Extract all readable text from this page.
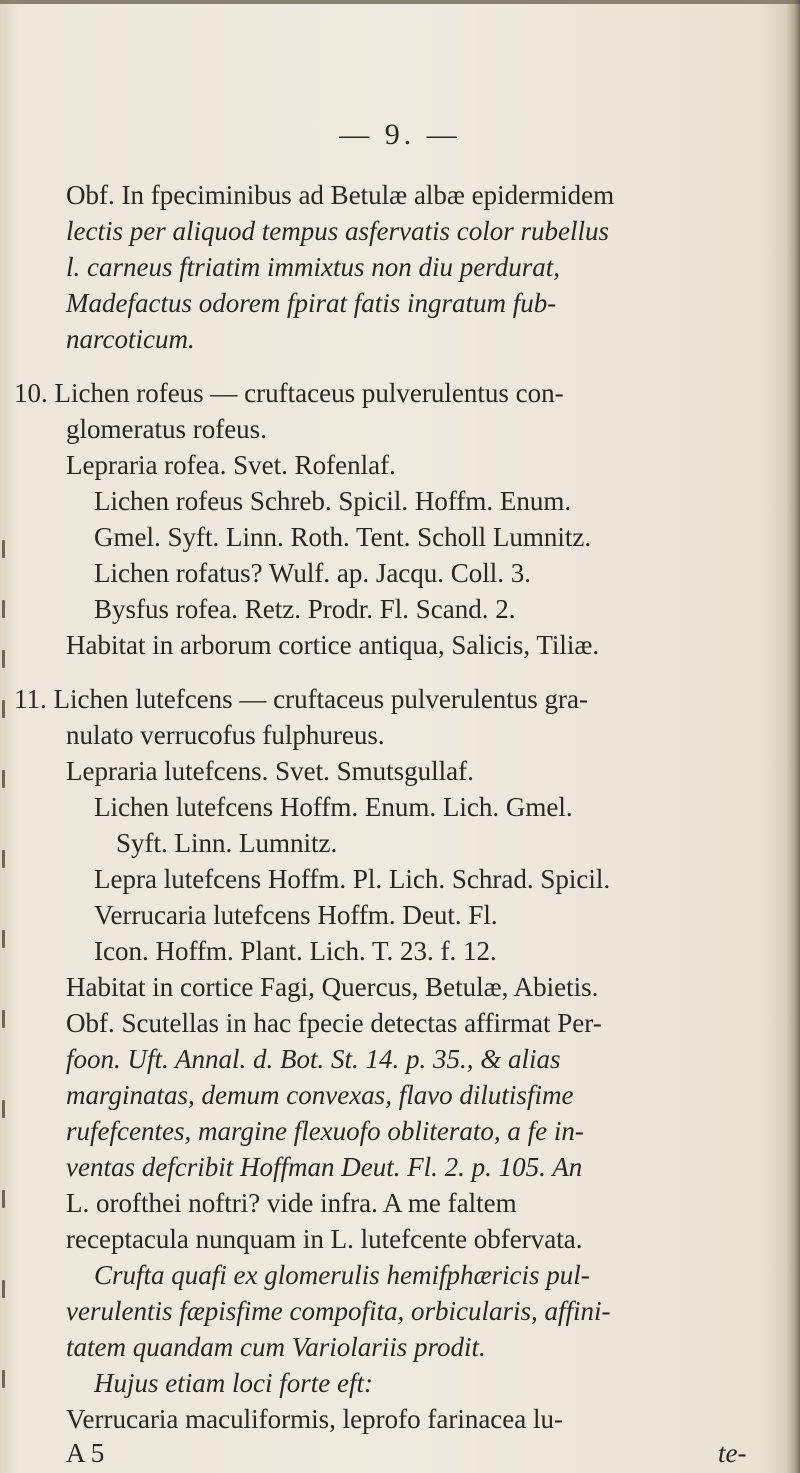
— 9. —
Obf. In fpeciminibus ad Betulæ albæ epidermidem
lectis per aliquod tempus asfervatis color rubellus
l. carneus ftriatim immixtus non diu perdurat,
Madefactus odorem fpirat fatis ingratum fub-
narcoticum.
10. Lichen rofeus — cruftaceus pulverulentus con-
glomeratus rofeus.
Lepraria rofea. Svet. Rofenlaf.
Lichen rofeus Schreb. Spicil. Hoffm. Enum.
Gmel. Syft. Linn. Roth. Tent. Scholl Lumnitz.
Lichen rofatus? Wulf. ap. Jacqu. Coll. 3.
Bysfus rofea. Retz. Prodr. Fl. Scand. 2.
Habitat in arborum cortice antiqua, Salicis, Tiliæ.
11. Lichen lutefcens — cruftaceus pulverulentus gra-
nulato verrucofus fulphureus.
Lepraria lutefcens. Svet. Smutsgullaf.
Lichen lutefcens Hoffm. Enum. Lich. Gmel.
Syft. Linn. Lumnitz.
Lepra lutefcens Hoffm. Pl. Lich. Schrad. Spicil.
Verrucaria lutefcens Hoffm. Deut. Fl.
Icon. Hoffm. Plant. Lich. T. 23. f. 12.
Habitat in cortice Fagi, Quercus, Betulæ, Abietis.
Obf. Scutellas in hac fpecie detectas affirmat Per-
foon. Uft. Annal. d. Bot. St. 14. p. 35., & alias
marginatas, demum convexas, flavo dilutisfime
rufefcentes, margine flexuofo obliterato, a fe in-
ventas defcribit Hoffman Deut. Fl. 2. p. 105. An
L. orofthei noftri? vide infra. A me faltem
receptacula nunquam in L. lutefcente obfervata.
Crufta quafi ex glomerulis hemifphæricis pul-
verulentis fæpisfime compofita, orbicularis, affini-
tatem quandam cum Variolariis prodit.
Hujus etiam loci forte eft:
Verrucaria maculiformis, leprofo farinacea lu-
A 5	te-
